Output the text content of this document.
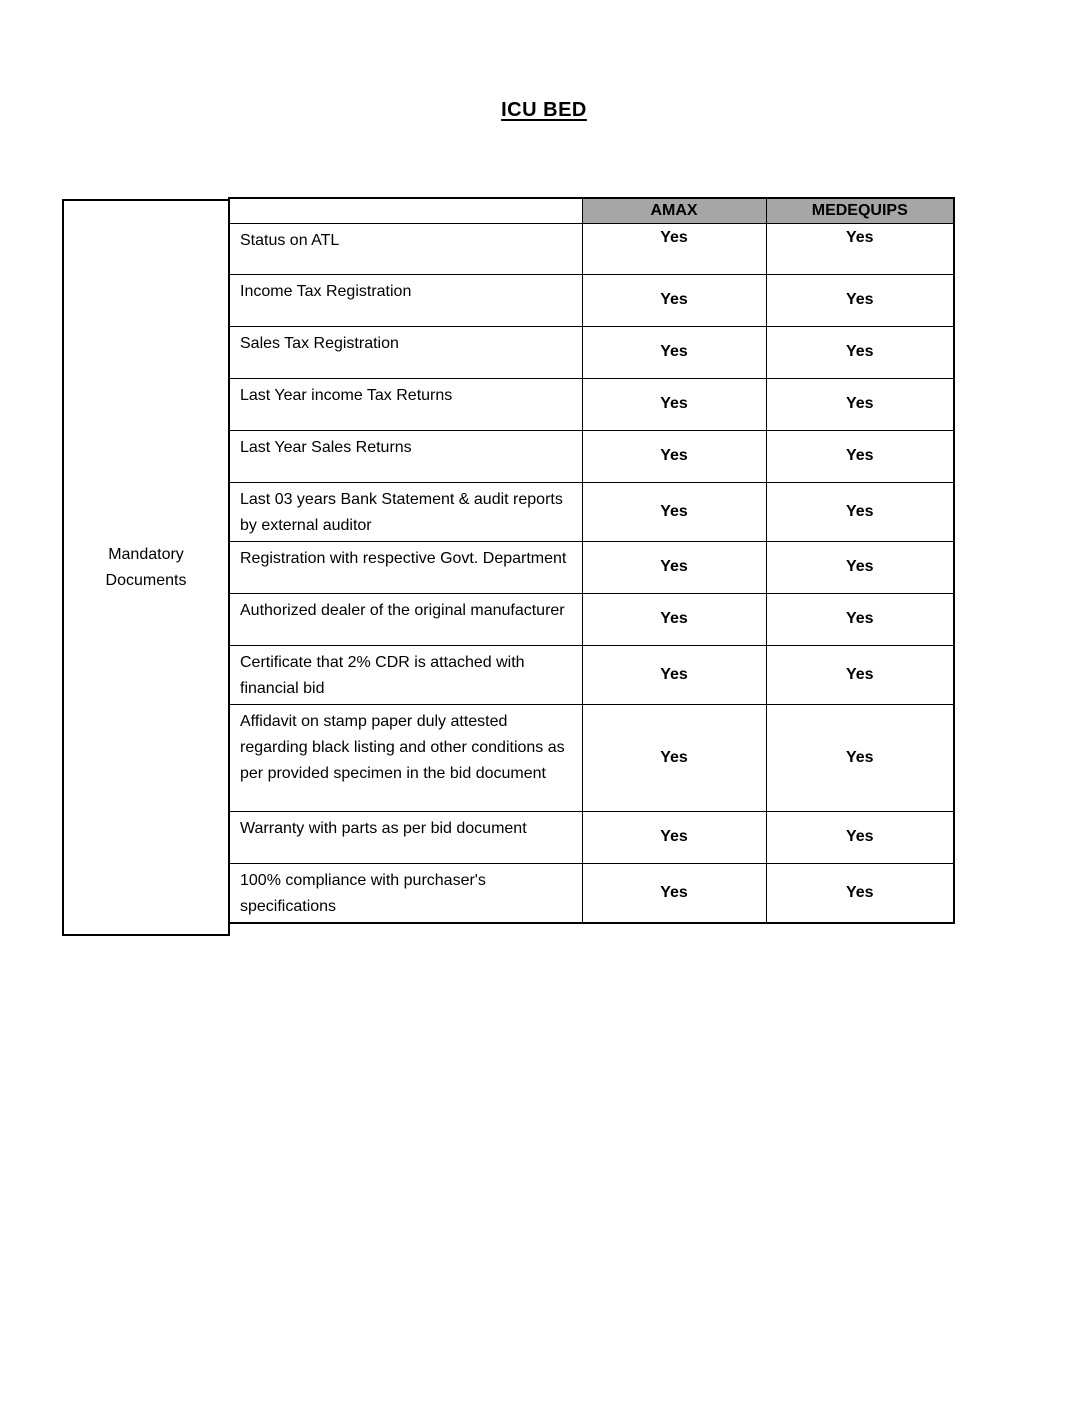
ICU BED
Mandatory Documents
	AMAX	MEDEQUIPS
Status on ATL	Yes	Yes
Income Tax Registration	Yes	Yes
Sales Tax Registration	Yes	Yes
Last Year income Tax Returns	Yes	Yes
Last Year Sales Returns	Yes	Yes
Last 03 years Bank Statement & audit reports by external auditor	Yes	Yes
Registration with respective Govt. Department	Yes	Yes
Authorized dealer of the original manufacturer	Yes	Yes
Certificate that 2% CDR is attached with financial bid	Yes	Yes
Affidavit on stamp paper duly attested regarding black listing and other conditions as per provided specimen in the bid document	Yes	Yes
Warranty with parts as per bid document	Yes	Yes
100% compliance with purchaser's specifications	Yes	Yes
